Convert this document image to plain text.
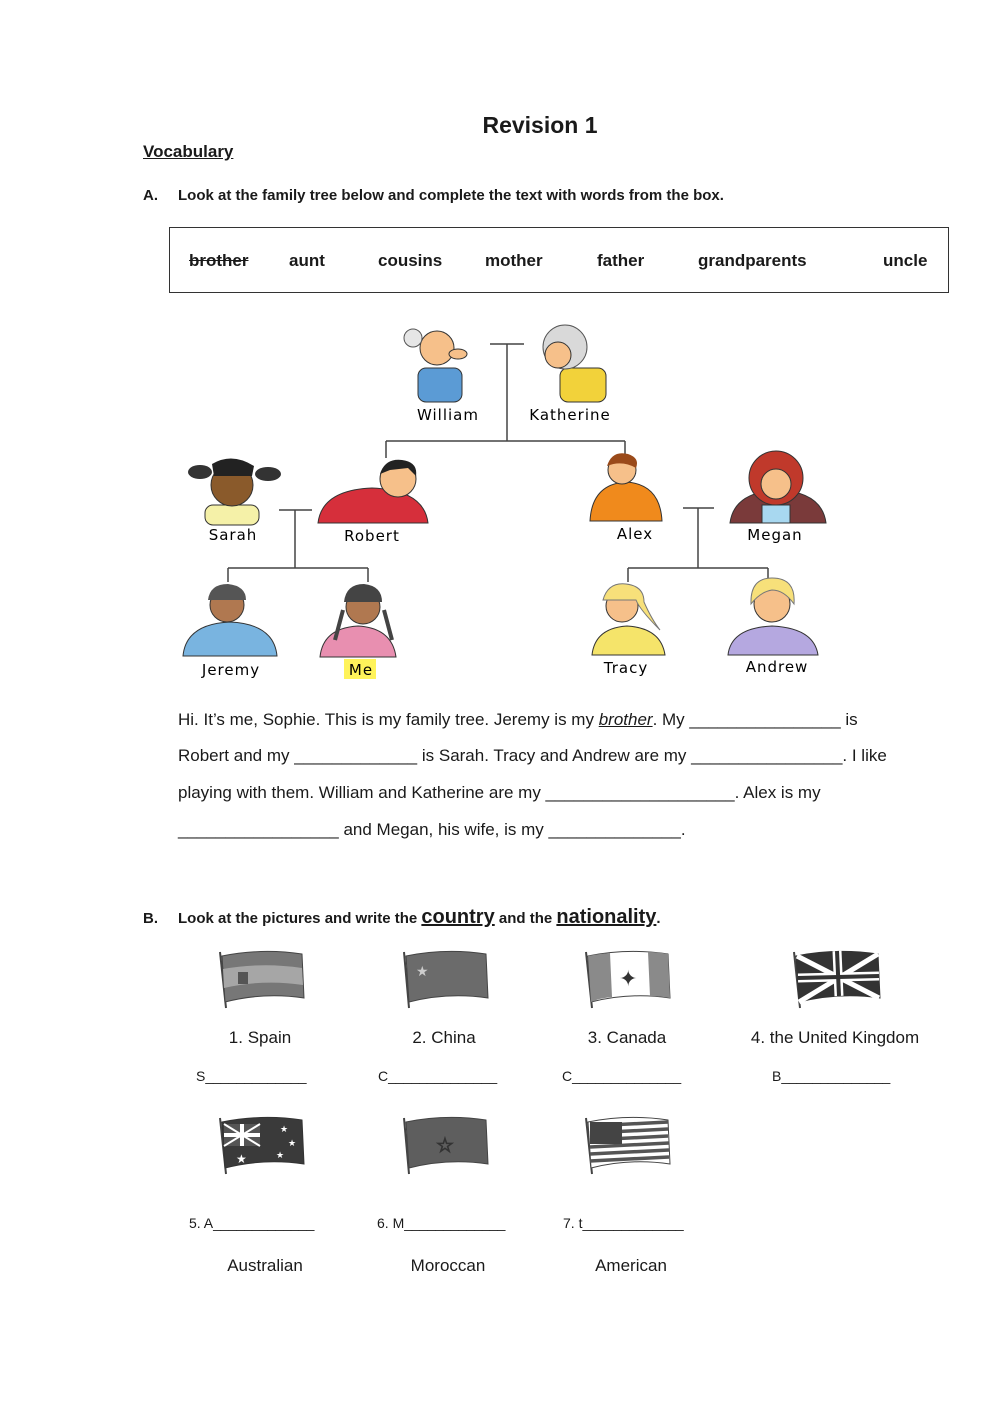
Revision 1
Vocabulary
A. Look at the family tree below and complete the text with words from the box.
brother aunt	cousins	mother	father	grandparents	uncle
William	Katherine
Sarah	Robert	Alex	Megan
Jeremy	Me	Tracy	Andrew
Hi. It’s me, Sophie. This is my family tree. Jeremy is my brother. My ________________ is
Robert and my _____________ is Sarah. Tracy and Andrew are my ________________. I like
playing with them. William and Katherine are my ____________________. Alex is my
_________________ and Megan, his wife, is my ______________.
B. Look at the pictures and write the country and the nationality.
★	✦
★
★
★
★	☆
1. Spain	2. China	3. Canada	4. the United Kingdom
S_____________	C______________	C______________	B______________
5. A_____________	6. M_____________	7. t_____________
Australian	Moroccan	American
